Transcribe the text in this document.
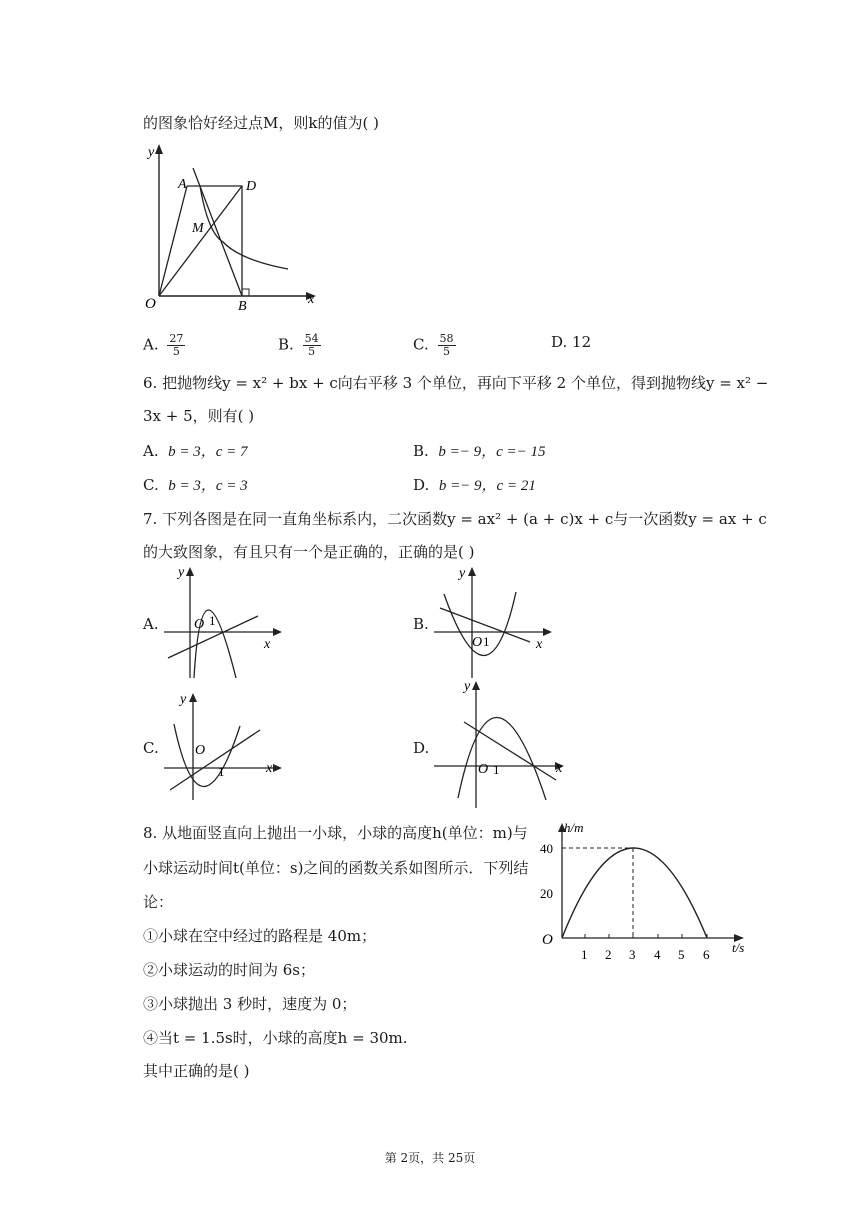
的图象恰好经过点M，则k的值为( )
y
x
O
A	D
M
B
A. $\frac{27}{5}$	B. $\frac{54}{5}$	C. $\frac{58}{5}$	D. 12
6. 把抛物线y = x² + bx + c向右平移 3 个单位，再向下平移 2 个单位，得到抛物线y = x² −
3x + 5，则有( )
A. b = 3，c = 7	B. b =− 9，c =− 15
C. b = 3，c = 3	D. b =− 9，c = 21
7. 下列各图是在同一直角坐标系内，二次函数y = ax² + (a + c)x + c与一次函数y = ax + c
的大致图象，有且只有一个是正确的，正确的是( )
A.
y
x
O 1	B.
y
x
O 1
C.
y
x
O
1
D.
y
x
O 1
8. 从地面竖直向上抛出一小球，小球的高度h(单位：m)与
小球运动时间t(单位：s)之间的函数关系如图所示．下列结
论：
①小球在空中经过的路程是 40m；
②小球运动的时间为 6s；
③小球抛出 3 秒时，速度为 0；
④当t = 1.5s时，小球的高度h = 30m.
其中正确的是( )
h/m
t/s
O
40
20
1 2 3 4 5 6
第 2页，共 25页
